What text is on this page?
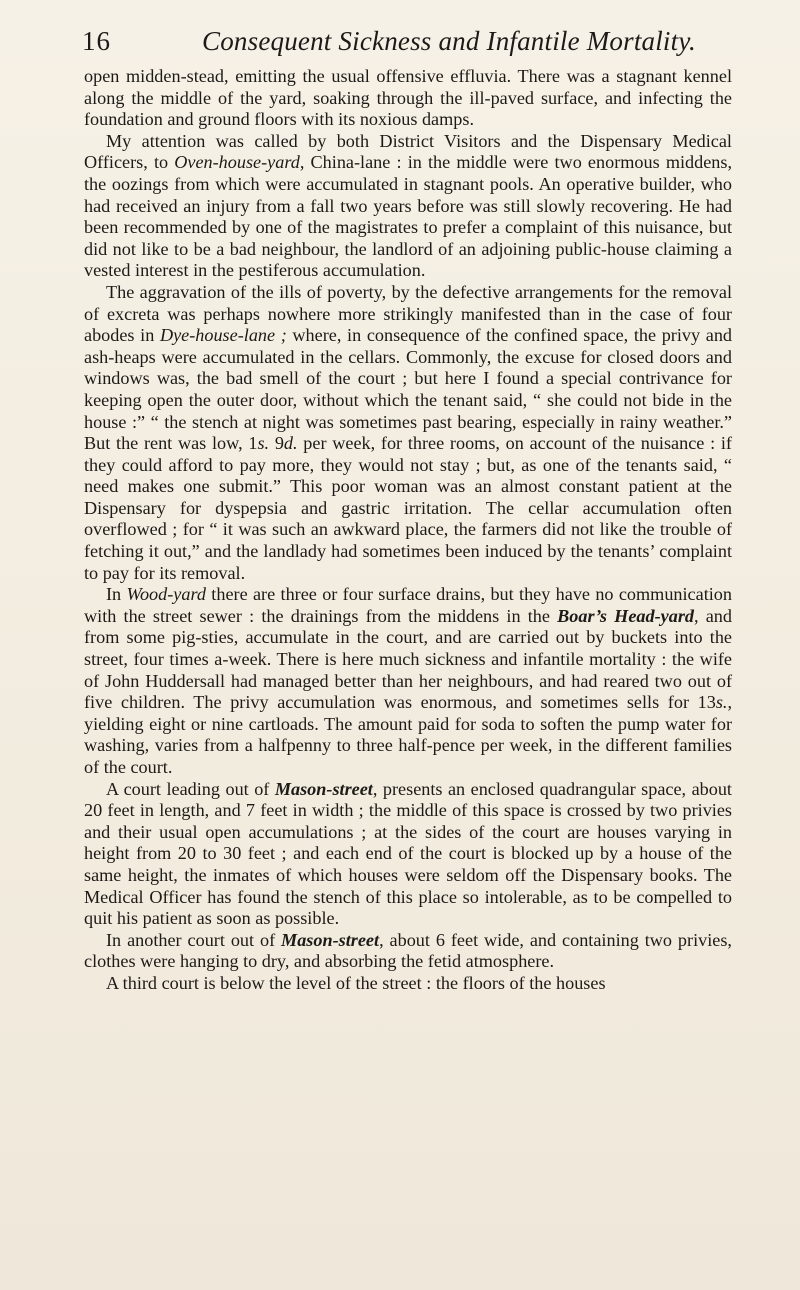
16	Consequent Sickness and Infantile Mortality.

open midden-stead, emitting the usual offensive effluvia. There was a stagnant kennel along the middle of the yard, soaking through the ill-paved surface, and infecting the foundation and ground floors with its noxious damps.

My attention was called by both District Visitors and the Dispensary Medical Officers, to Oven-house-yard, China-lane : in the middle were two enormous middens, the oozings from which were accumulated in stagnant pools. An operative builder, who had received an injury from a fall two years before was still slowly recovering. He had been recommended by one of the magistrates to prefer a complaint of this nuisance, but did not like to be a bad neighbour, the landlord of an adjoining public-house claiming a vested interest in the pestiferous accumulation.

The aggravation of the ills of poverty, by the defective arrangements for the removal of excreta was perhaps nowhere more strikingly manifested than in the case of four abodes in Dye-house-lane ; where, in consequence of the confined space, the privy and ash-heaps were accumulated in the cellars. Commonly, the excuse for closed doors and windows was, the bad smell of the court ; but here I found a special contrivance for keeping open the outer door, without which the tenant said, “ she could not bide in the house :” “ the stench at night was sometimes past bearing, especially in rainy weather.” But the rent was low, 1s. 9d. per week, for three rooms, on account of the nuisance : if they could afford to pay more, they would not stay ; but, as one of the tenants said, “ need makes one submit.” This poor woman was an almost constant patient at the Dispensary for dyspepsia and gastric irritation. The cellar accumulation often overflowed ; for “ it was such an awkward place, the farmers did not like the trouble of fetching it out,” and the landlady had sometimes been induced by the tenants’ complaint to pay for its removal.

In Wood-yard there are three or four surface drains, but they have no communication with the street sewer : the drainings from the middens in the Boar’s Head-yard, and from some pig-sties, accumulate in the court, and are carried out by buckets into the street, four times a-week. There is here much sickness and infantile mortality : the wife of John Huddersall had managed better than her neighbours, and had reared two out of five children. The privy accumulation was enormous, and sometimes sells for 13s., yielding eight or nine cartloads. The amount paid for soda to soften the pump water for washing, varies from a halfpenny to three half-pence per week, in the different families of the court.

A court leading out of Mason-street, presents an enclosed quadrangular space, about 20 feet in length, and 7 feet in width ; the middle of this space is crossed by two privies and their usual open accumulations ; at the sides of the court are houses varying in height from 20 to 30 feet ; and each end of the court is blocked up by a house of the same height, the inmates of which houses were seldom off the Dispensary books. The Medical Officer has found the stench of this place so intolerable, as to be compelled to quit his patient as soon as possible.

In another court out of Mason-street, about 6 feet wide, and containing two privies, clothes were hanging to dry, and absorbing the fetid atmosphere.

A third court is below the level of the street : the floors of the houses
